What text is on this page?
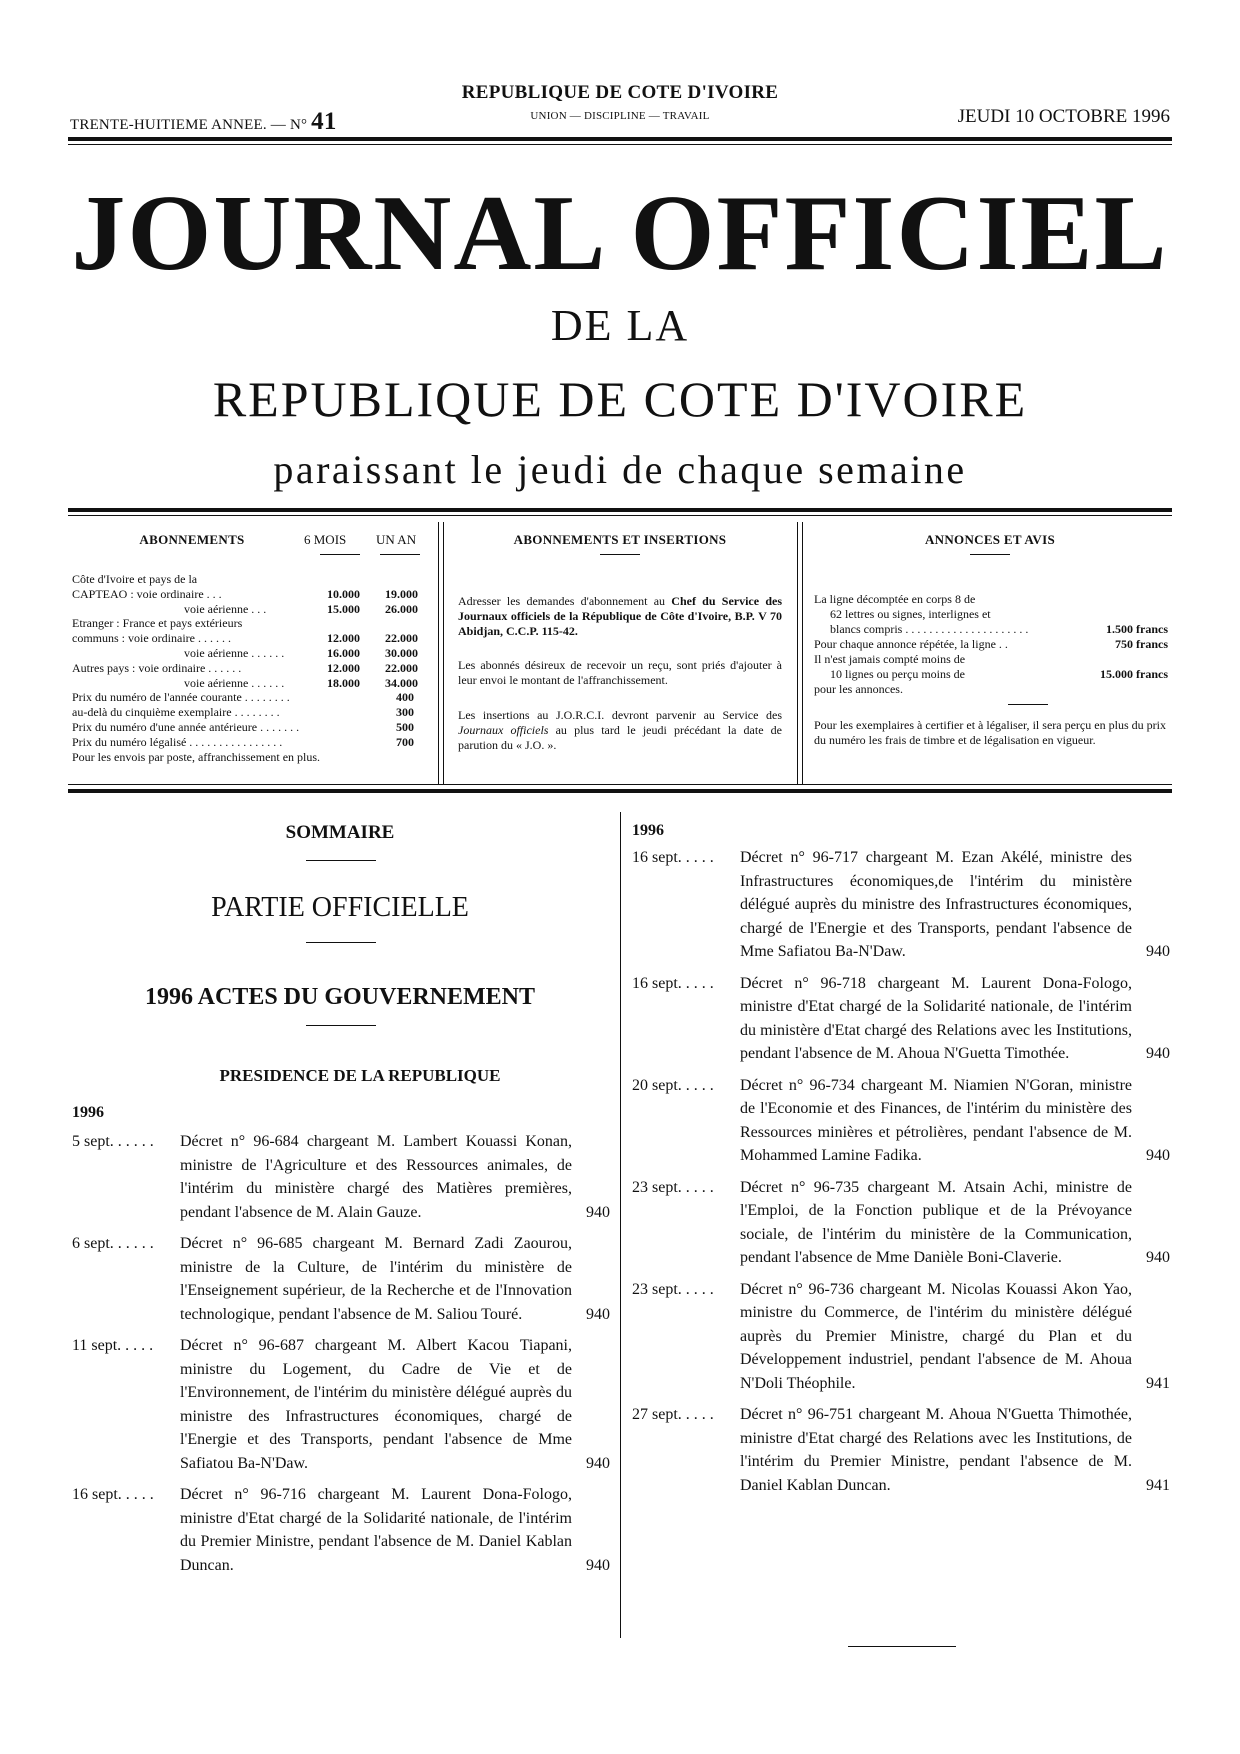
TRENTE-HUITIEME ANNEE. — N° 41
REPUBLIQUE DE COTE D'IVOIRE
UNION — DISCIPLINE — TRAVAIL	JEUDI 10 OCTOBRE 1996
JOURNAL OFFICIEL
DE LA
REPUBLIQUE DE COTE D'IVOIRE
paraissant le jeudi de chaque semaine
ABONNEMENTS	6 MOIS UN AN
Côte d'Ivoire et pays de la
CAPTEAO : voie ordinaire . . .	10.000 19.000
voie aérienne . . .	15.000 26.000
Etranger : France et pays extérieurs
communs : voie ordinaire . . . . . .	12.000 22.000
voie aérienne . . . . . .	16.000 30.000
Autres pays : voie ordinaire . . . . . .	12.000 22.000
voie aérienne . . . . . .	18.000 34.000
Prix du numéro de l'année courante . . . . . . . .	400
au-delà du cinquième exemplaire . . . . . . . .	300
Prix du numéro d'une année antérieure . . . . . . .	500
Prix du numéro légalisé . . . . . . . . . . . . . . . .	700
Pour les envois par poste, affranchissement en plus.
ABONNEMENTS ET INSERTIONS
Adresser les demandes d'abonnement au Chef du Service des Journaux officiels de la République de Côte d'Ivoire, B.P. V 70 Abidjan, C.C.P. 115-42.
Les abonnés désireux de recevoir un reçu, sont priés d'ajouter à leur envoi le montant de l'affranchissement.
Les insertions au J.O.R.C.I. devront parvenir au Service des Journaux officiels au plus tard le jeudi précédant la date de parution du « J.O. ».
ANNONCES ET AVIS
La ligne décomptée en corps 8 de
62 lettres ou signes, interlignes et
blancs compris . . . . . . . . . . . . . . . . . . . . .	1.500 francs
Pour chaque annonce répétée, la ligne . .	750 francs
Il n'est jamais compté moins de
10 lignes ou perçu moins de	15.000 francs
pour les annonces.
Pour les exemplaires à certifier et à légaliser, il sera perçu en plus du prix du numéro les frais de timbre et de légalisation en vigueur.
SOMMAIRE
PARTIE OFFICIELLE
1996 ACTES DU GOUVERNEMENT
PRESIDENCE DE LA REPUBLIQUE
1996
1996
5 sept. . . . . . Décret n° 96-684 chargeant M. Lambert Kouassi Konan, ministre de l'Agriculture et des Ressources animales, de l'intérim du ministère chargé des Matières premières, pendant l'absence de M. Alain Gauze.	940
6 sept. . . . . . Décret n° 96-685 chargeant M. Bernard Zadi Zaourou, ministre de la Culture, de l'intérim du ministère de l'Enseignement supérieur, de la Recherche et de l'Innovation technologique, pendant l'absence de M. Saliou Touré.	940
11 sept. . . . . Décret n° 96-687 chargeant M. Albert Kacou Tiapani, ministre du Logement, du Cadre de Vie et de l'Environnement, de l'intérim du ministère délégué auprès du ministre des Infrastructures économiques, chargé de l'Energie et des Transports, pendant l'absence de Mme Safiatou Ba-N'Daw.	940
16 sept. . . . . Décret n° 96-716 chargeant M. Laurent Dona-Fologo, ministre d'Etat chargé de la Solidarité nationale, de l'intérim du Premier Ministre, pendant l'absence de M. Daniel Kablan Duncan.	940
16 sept. . . . . Décret n° 96-717 chargeant M. Ezan Akélé, ministre des Infrastructures économiques,de l'intérim du ministère délégué auprès du ministre des Infrastructures économiques, chargé de l'Energie et des Transports, pendant l'absence de Mme Safiatou Ba-N'Daw.	940
16 sept. . . . . Décret n° 96-718 chargeant M. Laurent Dona-Fologo, ministre d'Etat chargé de la Solidarité nationale, de l'intérim du ministère d'Etat chargé des Relations avec les Institutions, pendant l'absence de M. Ahoua N'Guetta Timothée.	940
20 sept. . . . . Décret n° 96-734 chargeant M. Niamien N'Goran, ministre de l'Economie et des Finances, de l'intérim du ministère des Ressources minières et pétrolières, pendant l'absence de M. Mohammed Lamine Fadika.	940
23 sept. . . . . Décret n° 96-735 chargeant M. Atsain Achi, ministre de l'Emploi, de la Fonction publique et de la Prévoyance sociale, de l'intérim du ministère de la Communication, pendant l'absence de Mme Danièle Boni-Claverie.	940
23 sept. . . . . Décret n° 96-736 chargeant M. Nicolas Kouassi Akon Yao, ministre du Commerce, de l'intérim du ministère délégué auprès du Premier Ministre, chargé du Plan et du Développement industriel, pendant l'absence de M. Ahoua N'Doli Théophile.	941
27 sept. . . . . Décret n° 96-751 chargeant M. Ahoua N'Guetta Thimothée, ministre d'Etat chargé des Relations avec les Institutions, de l'intérim du Premier Ministre, pendant l'absence de M. Daniel Kablan Duncan.	941
